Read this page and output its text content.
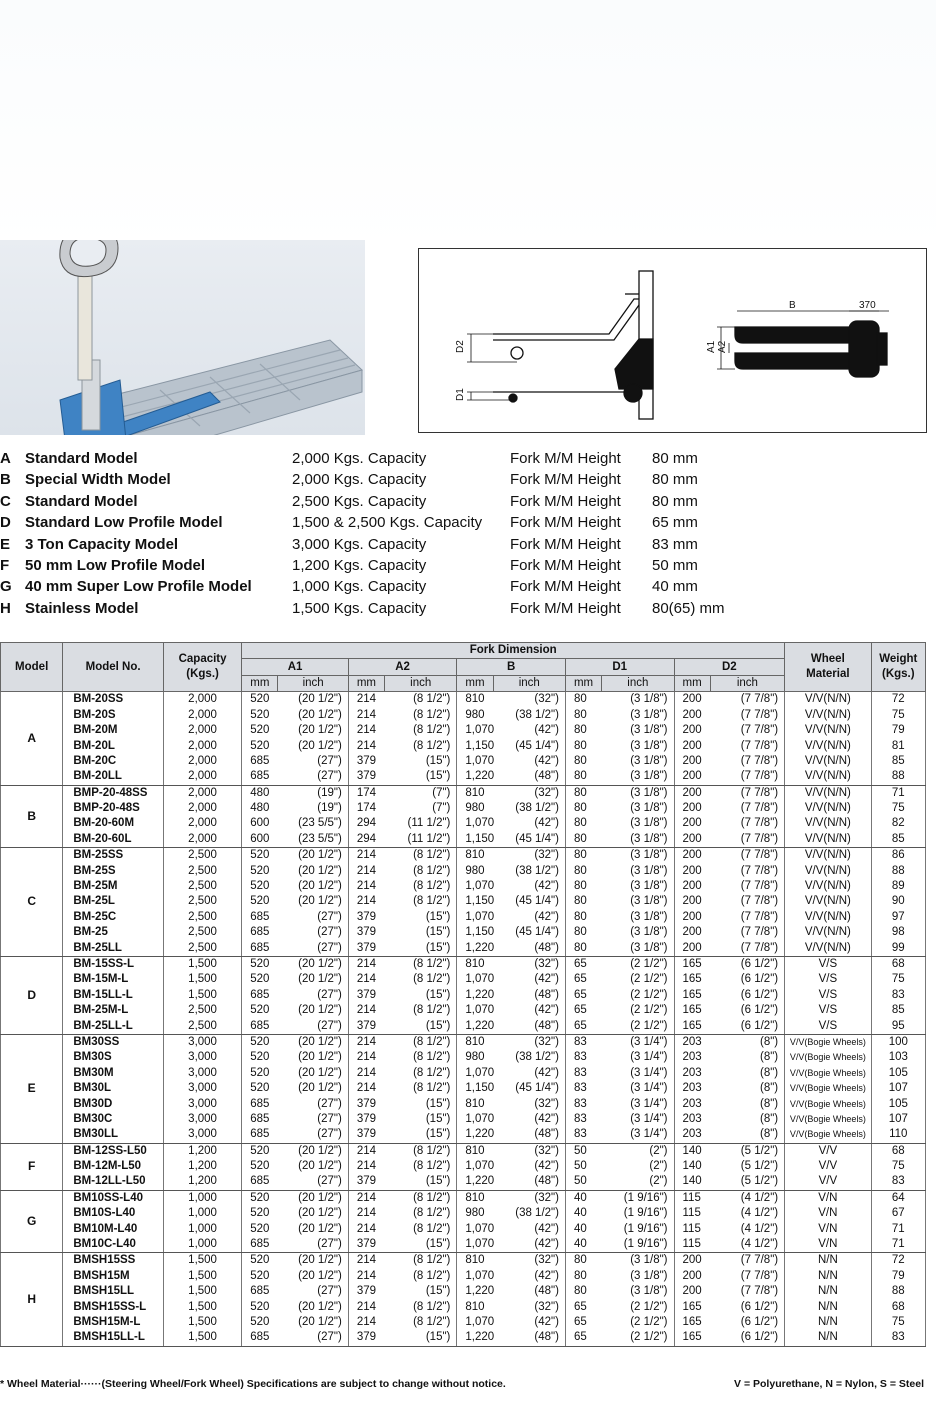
D2
D1
A1 A2
B	370
A Standard Model	2,000 Kgs. Capacity	Fork M/M Height 80 mm
B Special Width Model	2,000 Kgs. Capacity	Fork M/M Height 80 mm
C Standard Model	2,500 Kgs. Capacity	Fork M/M Height 80 mm
D Standard Low Profile Model	1,500 & 2,500 Kgs. Capacity Fork M/M Height 65 mm
E 3 Ton Capacity Model	3,000 Kgs. Capacity	Fork M/M Height 83 mm
F 50 mm Low Profile Model	1,200 Kgs. Capacity	Fork M/M Height 50 mm
G 40 mm Super Low Profile Model	1,000 Kgs. Capacity	Fork M/M Height 40 mm
H Stainless Model	1,500 Kgs. Capacity	Fork M/M Height 80(65) mm
Model	Model No.	Capacity
(Kgs.)	Fork Dimension										Wheel
Material	Weight
(Kgs.)
			A1		A2		B		D1		D2			
			mm	inch	mm	inch	mm	inch	mm	inch	mm	inch		
A	BM-20SS	2,000	520	(20 1/2")	214	(8 1/2")	810	(32")	80	(3 1/8")	200	(7 7/8")	V/V(N/N)	72
	BM-20S	2,000	520	(20 1/2")	214	(8 1/2")	980	(38 1/2")	80	(3 1/8")	200	(7 7/8")	V/V(N/N)	75
	BM-20M	2,000	520	(20 1/2")	214	(8 1/2")	1,070	(42")	80	(3 1/8")	200	(7 7/8")	V/V(N/N)	79
	BM-20L	2,000	520	(20 1/2")	214	(8 1/2")	1,150	(45 1/4")	80	(3 1/8")	200	(7 7/8")	V/V(N/N)	81
	BM-20C	2,000	685	(27")	379	(15")	1,070	(42")	80	(3 1/8")	200	(7 7/8")	V/V(N/N)	85
	BM-20LL	2,000	685	(27")	379	(15")	1,220	(48")	80	(3 1/8")	200	(7 7/8")	V/V(N/N)	88
B	BMP-20-48SS	2,000	480	(19")	174	(7")	810	(32")	80	(3 1/8")	200	(7 7/8")	V/V(N/N)	71
	BMP-20-48S	2,000	480	(19")	174	(7")	980	(38 1/2")	80	(3 1/8")	200	(7 7/8")	V/V(N/N)	75
	BM-20-60M	2,000	600	(23 5/5")	294	(11 1/2")	1,070	(42")	80	(3 1/8")	200	(7 7/8")	V/V(N/N)	82
	BM-20-60L	2,000	600	(23 5/5")	294	(11 1/2")	1,150	(45 1/4")	80	(3 1/8")	200	(7 7/8")	V/V(N/N)	85
C	BM-25SS	2,500	520	(20 1/2")	214	(8 1/2")	810	(32")	80	(3 1/8")	200	(7 7/8")	V/V(N/N)	86
	BM-25S	2,500	520	(20 1/2")	214	(8 1/2")	980	(38 1/2")	80	(3 1/8")	200	(7 7/8")	V/V(N/N)	88
	BM-25M	2,500	520	(20 1/2")	214	(8 1/2")	1,070	(42")	80	(3 1/8")	200	(7 7/8")	V/V(N/N)	89
	BM-25L	2,500	520	(20 1/2")	214	(8 1/2")	1,150	(45 1/4")	80	(3 1/8")	200	(7 7/8")	V/V(N/N)	90
	BM-25C	2,500	685	(27")	379	(15")	1,070	(42")	80	(3 1/8")	200	(7 7/8")	V/V(N/N)	97
	BM-25	2,500	685	(27")	379	(15")	1,150	(45 1/4")	80	(3 1/8")	200	(7 7/8")	V/V(N/N)	98
	BM-25LL	2,500	685	(27")	379	(15")	1,220	(48")	80	(3 1/8")	200	(7 7/8")	V/V(N/N)	99
D	BM-15SS-L	1,500	520	(20 1/2")	214	(8 1/2")	810	(32")	65	(2 1/2")	165	(6 1/2")	V/S	68
	BM-15M-L	1,500	520	(20 1/2")	214	(8 1/2")	1,070	(42")	65	(2 1/2")	165	(6 1/2")	V/S	75
	BM-15LL-L	1,500	685	(27")	379	(15")	1,220	(48")	65	(2 1/2")	165	(6 1/2")	V/S	83
	BM-25M-L	2,500	520	(20 1/2")	214	(8 1/2")	1,070	(42")	65	(2 1/2")	165	(6 1/2")	V/S	85
	BM-25LL-L	2,500	685	(27")	379	(15")	1,220	(48")	65	(2 1/2")	165	(6 1/2")	V/S	95
E	BM30SS	3,000	520	(20 1/2")	214	(8 1/2")	810	(32")	83	(3 1/4")	203	(8")	V/V(Bogie Wheels)	100
	BM30S	3,000	520	(20 1/2")	214	(8 1/2")	980	(38 1/2")	83	(3 1/4")	203	(8")	V/V(Bogie Wheels)	103
	BM30M	3,000	520	(20 1/2")	214	(8 1/2")	1,070	(42")	83	(3 1/4")	203	(8")	V/V(Bogie Wheels)	105
	BM30L	3,000	520	(20 1/2")	214	(8 1/2")	1,150	(45 1/4")	83	(3 1/4")	203	(8")	V/V(Bogie Wheels)	107
	BM30D	3,000	685	(27")	379	(15")	810	(32")	83	(3 1/4")	203	(8")	V/V(Bogie Wheels)	105
	BM30C	3,000	685	(27")	379	(15")	1,070	(42")	83	(3 1/4")	203	(8")	V/V(Bogie Wheels)	107
	BM30LL	3,000	685	(27")	379	(15")	1,220	(48")	83	(3 1/4")	203	(8")	V/V(Bogie Wheels)	110
F	BM-12SS-L50	1,200	520	(20 1/2")	214	(8 1/2")	810	(32")	50	(2")	140	(5 1/2")	V/V	68
	BM-12M-L50	1,200	520	(20 1/2")	214	(8 1/2")	1,070	(42")	50	(2")	140	(5 1/2")	V/V	75
	BM-12LL-L50	1,200	685	(27")	379	(15")	1,220	(48")	50	(2")	140	(5 1/2")	V/V	83
G	BM10SS-L40	1,000	520	(20 1/2")	214	(8 1/2")	810	(32")	40	(1 9/16")	115	(4 1/2")	V/N	64
	BM10S-L40	1,000	520	(20 1/2")	214	(8 1/2")	980	(38 1/2")	40	(1 9/16")	115	(4 1/2")	V/N	67
	BM10M-L40	1,000	520	(20 1/2")	214	(8 1/2")	1,070	(42")	40	(1 9/16")	115	(4 1/2")	V/N	71
	BM10C-L40	1,000	685	(27")	379	(15")	1,070	(42")	40	(1 9/16")	115	(4 1/2")	V/N	71
H	BMSH15SS	1,500	520	(20 1/2")	214	(8 1/2")	810	(32")	80	(3 1/8")	200	(7 7/8")	N/N	72
	BMSH15M	1,500	520	(20 1/2")	214	(8 1/2")	1,070	(42")	80	(3 1/8")	200	(7 7/8")	N/N	79
	BMSH15LL	1,500	685	(27")	379	(15")	1,220	(48")	80	(3 1/8")	200	(7 7/8")	N/N	88
	BMSH15SS-L	1,500	520	(20 1/2")	214	(8 1/2")	810	(32")	65	(2 1/2")	165	(6 1/2")	N/N	68
	BMSH15M-L	1,500	520	(20 1/2")	214	(8 1/2")	1,070	(42")	65	(2 1/2")	165	(6 1/2")	N/N	75
	BMSH15LL-L	1,500	685	(27")	379	(15")	1,220	(48")	65	(2 1/2")	165	(6 1/2")	N/N	83
* Wheel Material······(Steering Wheel/Fork Wheel) Specifications are subject to change without notice.	V = Polyurethane, N = Nylon, S = Steel
